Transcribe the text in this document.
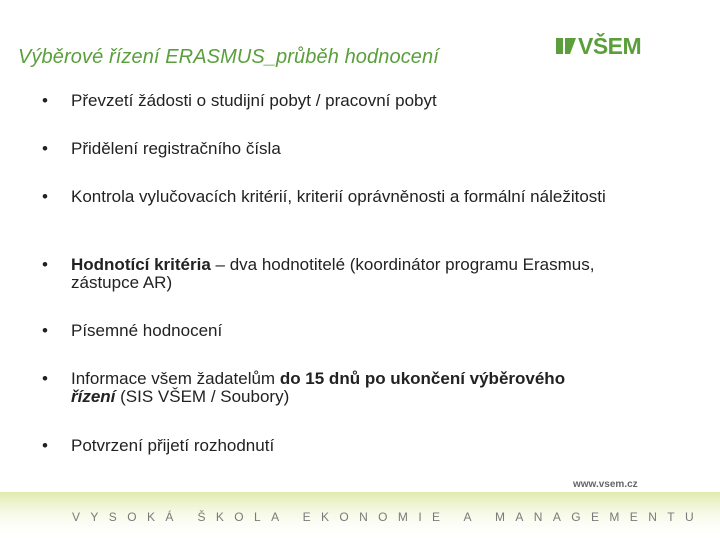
Výběrové řízení ERASMUS_průběh hodnocení	VŠEM
•	Převzetí žádosti o studijní pobyt / pracovní pobyt
•	Přidělení registračního čísla
•	Kontrola vylučovacích kritérií, kriterií oprávněnosti a formální náležitosti
•	Hodnotící kritéria – dva hodnotitelé (koordinátor programu Erasmus, zástupce AR)
•	Písemné hodnocení
•	Informace všem žadatelům do 15 dnů po ukončení výběrového
řízení (SIS VŠEM / Soubory)
•	Potvrzení přijetí rozhodnutí
www.vsem.cz
VYSOKÁ ŠKOLA EKONOMIE A MANAGEMENTU
